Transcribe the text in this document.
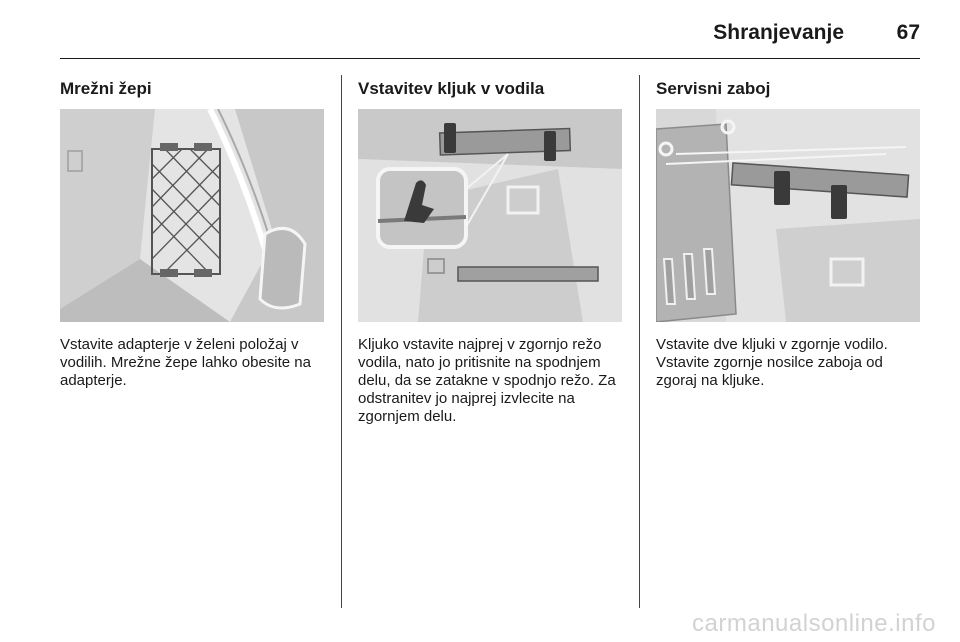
Shranjevanje	67
Mrežni žepi
Vstavite adapterje v želeni položaj v vodilih. Mrežne žepe lahko obesite na adapterje.
Vstavitev kljuk v vodila
Kljuko vstavite najprej v zgornjo režo vodila, nato jo pritisnite na spodnjem delu, da se zatakne v spodnjo režo. Za odstranitev jo najprej izvlecite na zgornjem delu.
Servisni zaboj
Vstavite dve kljuki v zgornje vodilo. Vstavite zgornje nosilce zaboja od zgoraj na kljuke.
carmanualsonline.info
